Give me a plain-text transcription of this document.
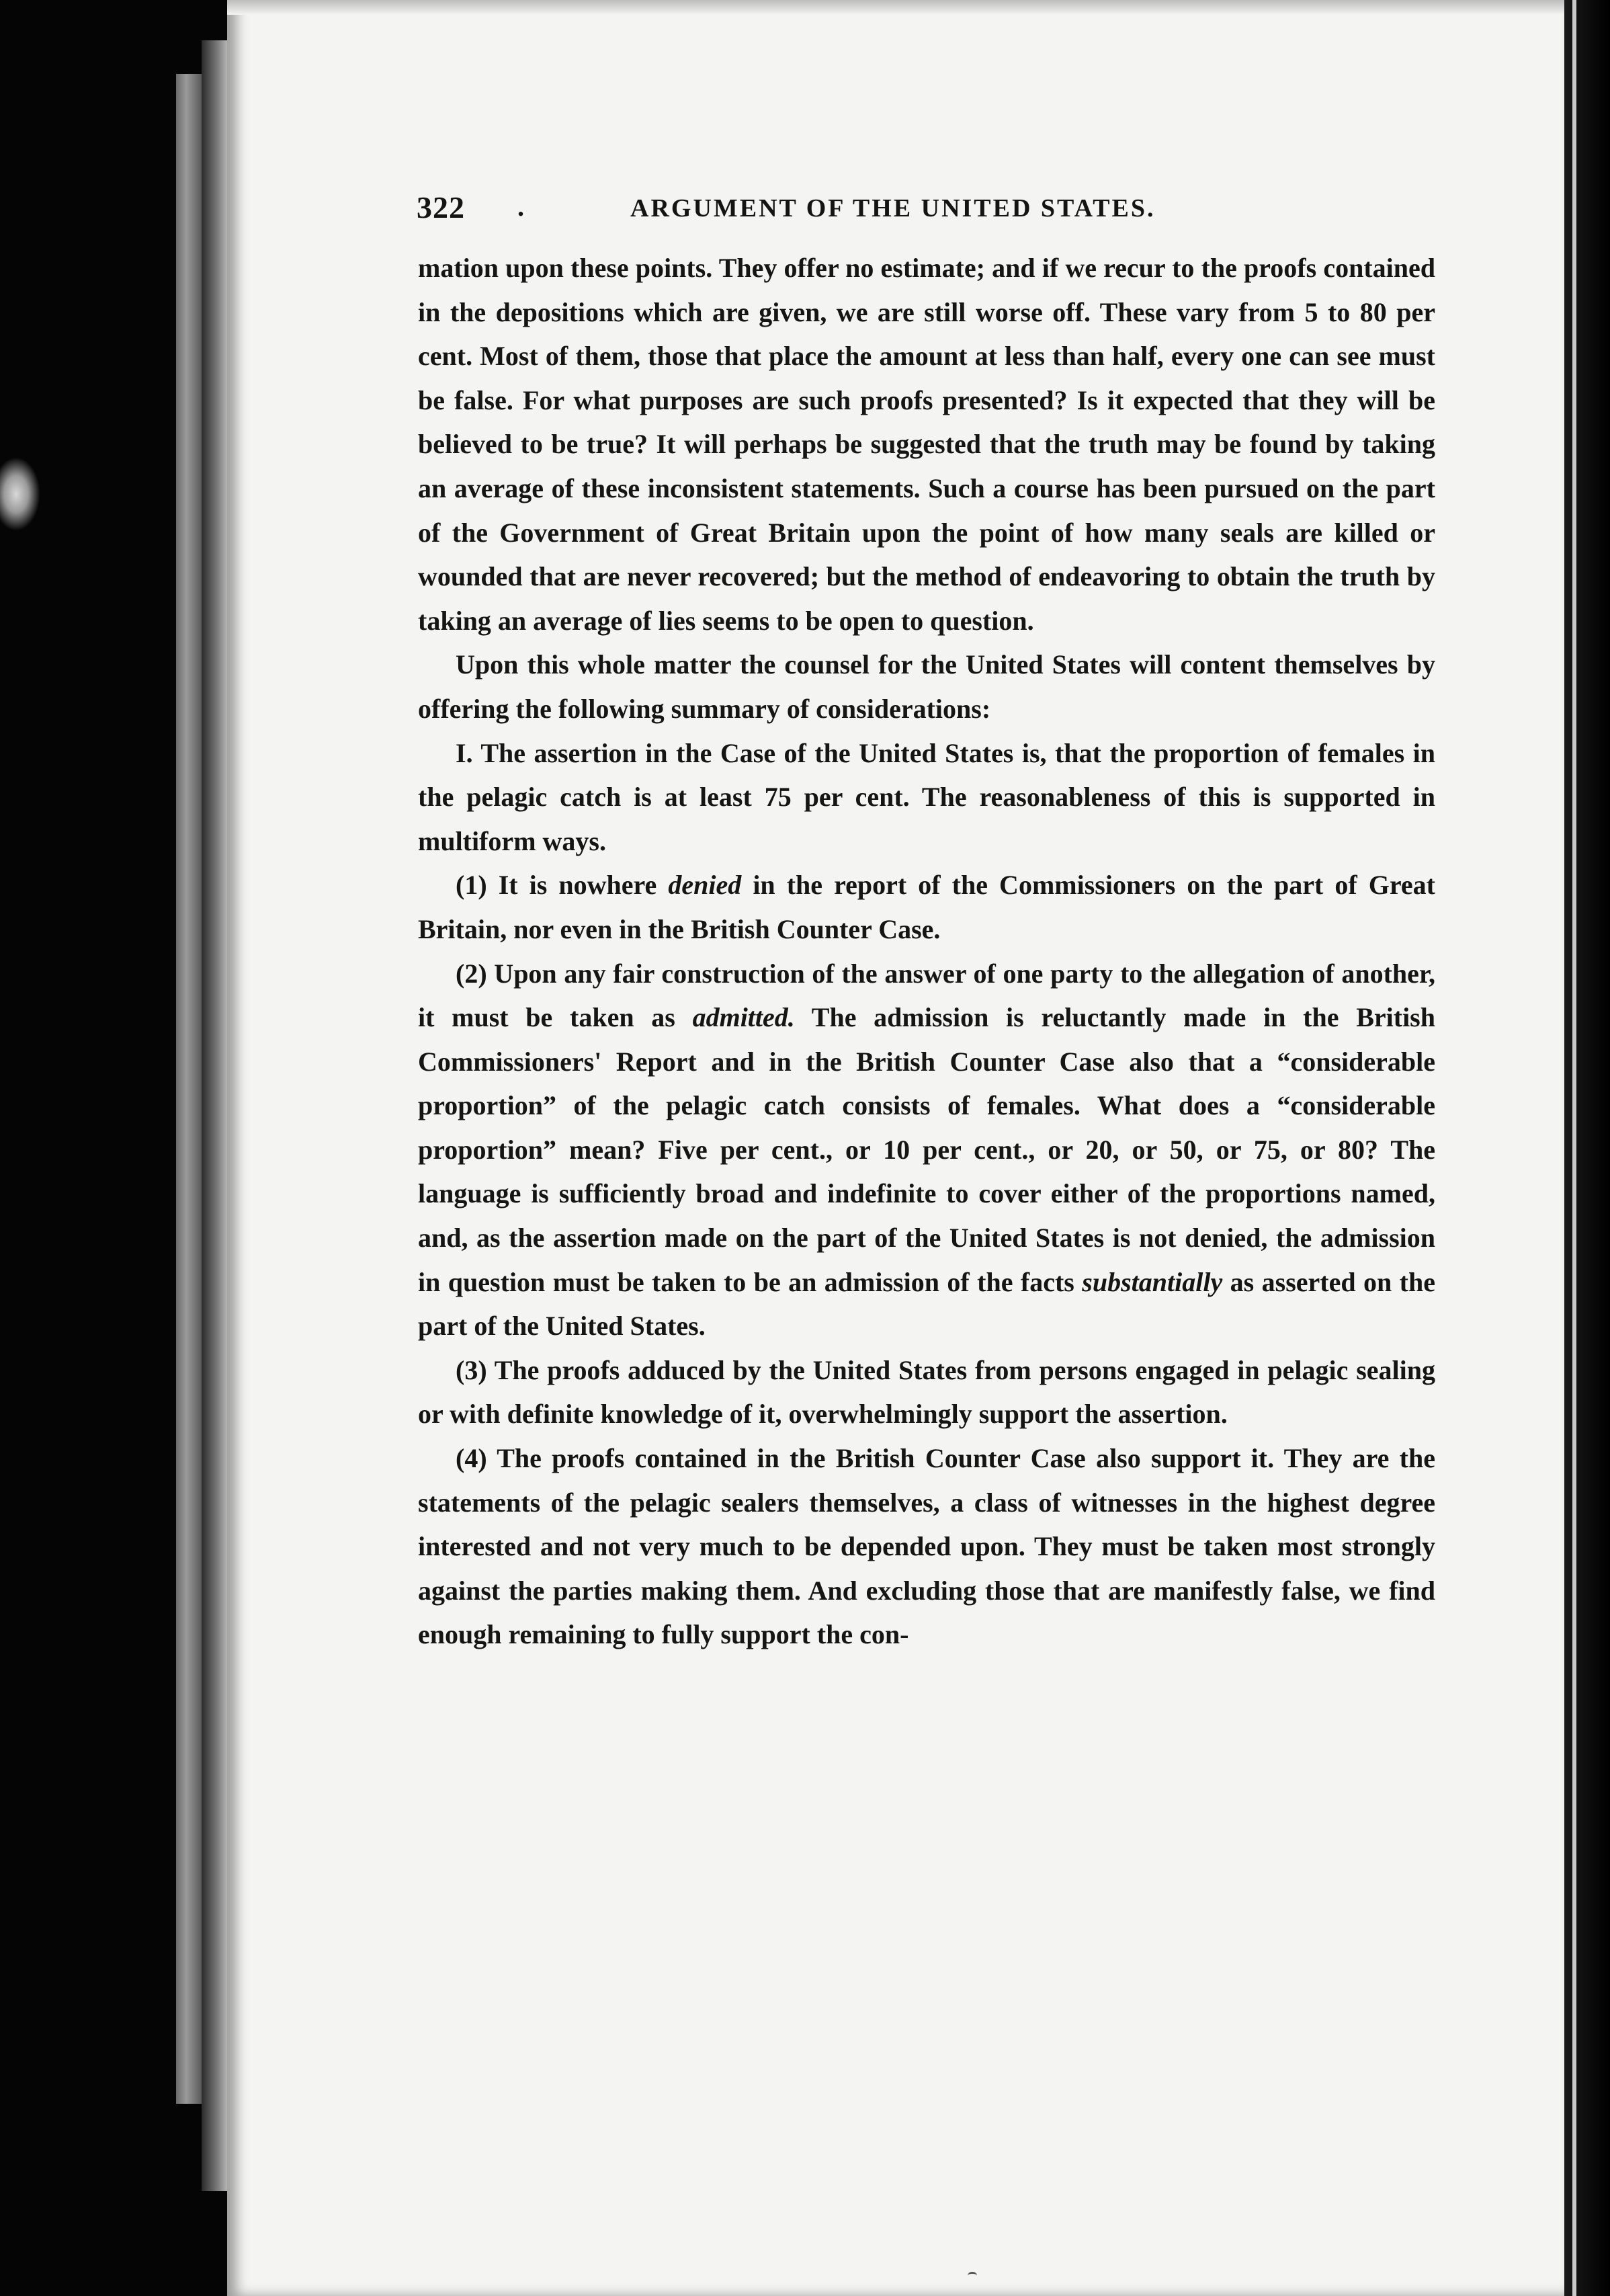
322 .	ARGUMENT OF THE UNITED STATES.

mation upon these points. They offer no estimate; and if we recur to the proofs contained in the depositions which are given, we are still worse off. These vary from 5 to 80 per cent. Most of them, those that place the amount at less than half, every one can see must be false. For what purposes are such proofs presented? Is it expected that they will be believed to be true? It will perhaps be suggested that the truth may be found by taking an average of these inconsistent statements. Such a course has been pursued on the part of the Government of Great Britain upon the point of how many seals are killed or wounded that are never recovered; but the method of endeavoring to obtain the truth by taking an average of lies seems to be open to question.

Upon this whole matter the counsel for the United States will content themselves by offering the following summary of considerations:

I. The assertion in the Case of the United States is, that the proportion of females in the pelagic catch is at least 75 per cent. The reasonableness of this is supported in multiform ways.

(1) It is nowhere denied in the report of the Commissioners on the part of Great Britain, nor even in the British Counter Case.

(2) Upon any fair construction of the answer of one party to the allegation of another, it must be taken as admitted. The admission is reluctantly made in the British Commissioners' Report and in the British Counter Case also that a “considerable proportion” of the pelagic catch consists of females. What does a “considerable proportion” mean? Five per cent., or 10 per cent., or 20, or 50, or 75, or 80? The language is sufficiently broad and indefinite to cover either of the proportions named, and, as the assertion made on the part of the United States is not denied, the admission in question must be taken to be an admission of the facts substantially as asserted on the part of the United States.

(3) The proofs adduced by the United States from persons engaged in pelagic sealing or with definite knowledge of it, overwhelmingly support the assertion.

(4) The proofs contained in the British Counter Case also support it. They are the statements of the pelagic sealers themselves, a class of witnesses in the highest degree interested and not very much to be depended upon. They must be taken most strongly against the parties making them. And excluding those that are manifestly false, we find enough remaining to fully support the con-
